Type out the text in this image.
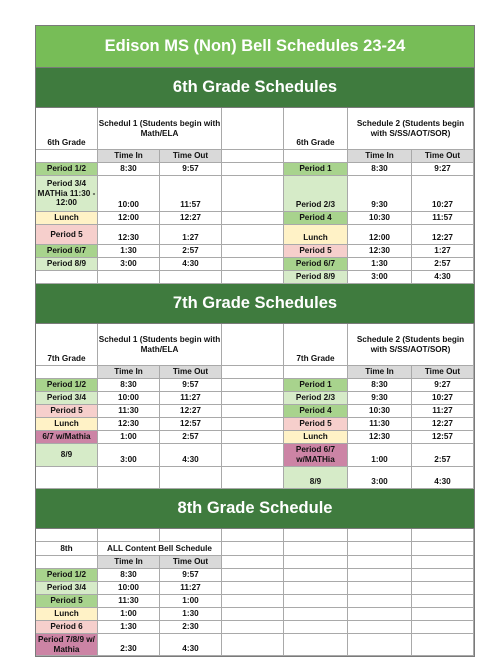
Edison MS (Non) Bell Schedules 23-24
6th Grade Schedules
6th Grade
Schedul 1 (Students begin with Math/ELA
6th Grade
Schedule 2 (Students begin with S/SS/AOT/SOR)
Time In	Time Out	Time In	Time Out
Period 1/2	8:30	9:57
Period 3/4 MATHia 11:30 - 12:00	10:00	11:57
Lunch	12:00	12:27
Period 5	12:30	1:27
Period 6/7	1:30	2:57
Period 8/9	3:00	4:30
Period 1	8:30	9:27
Period 2/3	9:30	10:27
Period 4	10:30	11:57
Lunch	12:00	12:27
Period 5	12:30	1:27
Period 6/7	1:30	2:57
Period 8/9	3:00	4:30
7th Grade Schedules
7th Grade
Schedul 1 (Students begin with Math/ELA
7th Grade
Schedule 2 (Students begin with S/SS/AOT/SOR)
Time In	Time Out	Time In	Time Out
Period 1/2	8:30	9:57
Period 3/4	10:00	11:27
Period 5	11:30	12:27
Lunch	12:30	12:57
6/7 w/Mathia	1:00	2:57
8/9	3:00	4:30
Period 1	8:30	9:27
Period 2/3	9:30	10:27
Period 4	10:30	11:27
Period 5	11:30	12:27
Lunch	12:30	12:57
Period 6/7 w/MATHia	1:00	2:57
8/9	3:00	4:30
8th Grade Schedule
8th	ALL Content Bell Schedule
Time In	Time Out
Period 1/2	8:30	9:57
Period 3/4	10:00	11:27
Period 5	11:30	1:00
Lunch	1:00	1:30
Period 6	1:30	2:30
Period 7/8/9 w/ Mathia	2:30	4:30
